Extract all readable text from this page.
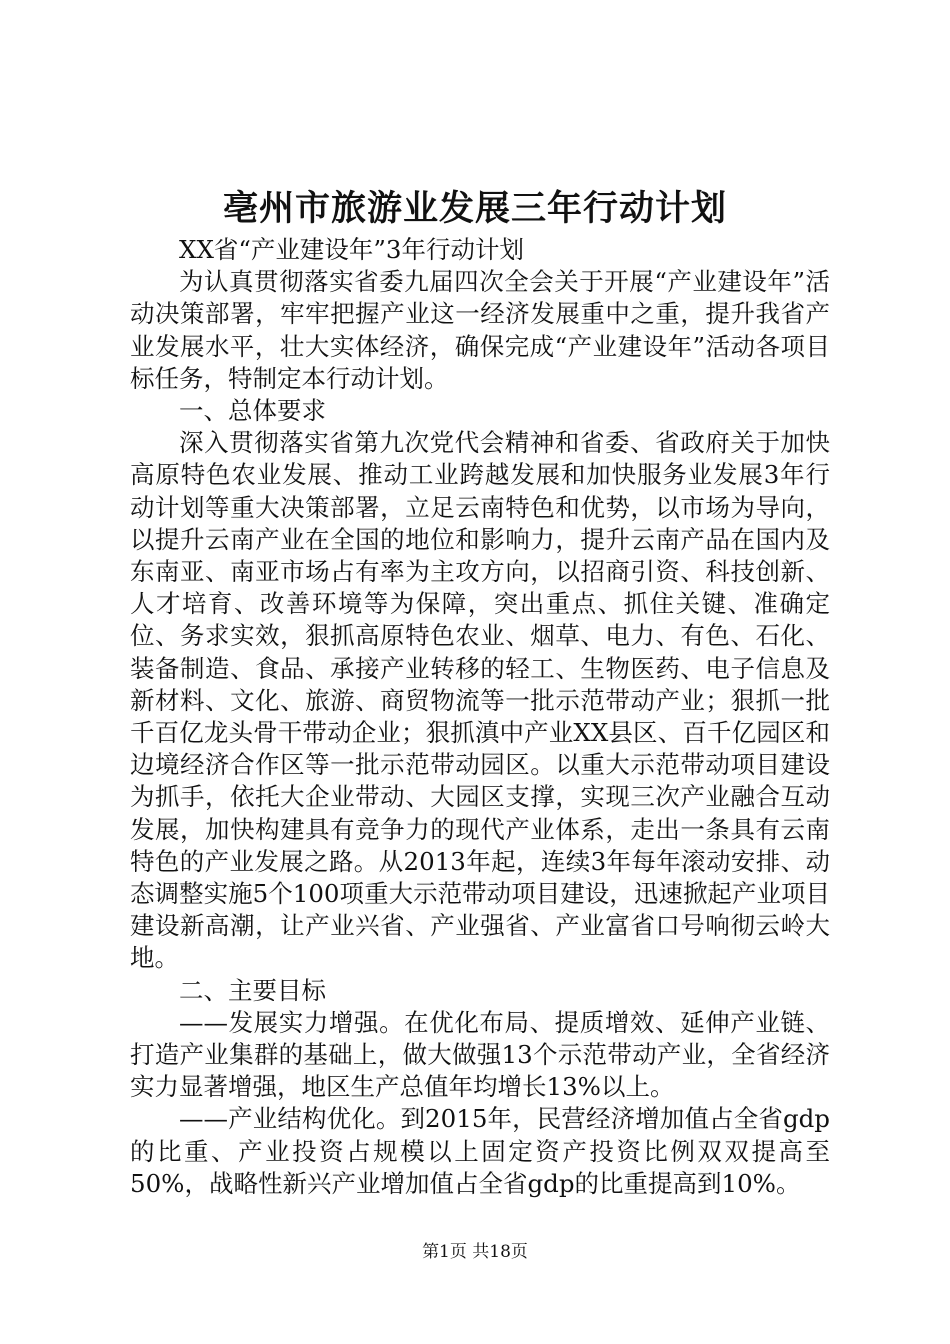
亳州市旅游业发展三年行动计划

XX省“产业建设年”3年行动计划

为认真贯彻落实省委九届四次全会关于开展“产业建设年”活动决策部署，牢牢把握产业这一经济发展重中之重，提升我省产业发展水平，壮大实体经济，确保完成“产业建设年”活动各项目标任务，特制定本行动计划。

一、总体要求

深入贯彻落实省第九次党代会精神和省委、省政府关于加快高原特色农业发展、推动工业跨越发展和加快服务业发展3年行动计划等重大决策部署，立足云南特色和优势，以市场为导向，以提升云南产业在全国的地位和影响力，提升云南产品在国内及东南亚、南亚市场占有率为主攻方向，以招商引资、科技创新、人才培育、改善环境等为保障，突出重点、抓住关键、准确定位、务求实效，狠抓高原特色农业、烟草、电力、有色、石化、装备制造、食品、承接产业转移的轻工、生物医药、电子信息及新材料、文化、旅游、商贸物流等一批示范带动产业；狠抓一批千百亿龙头骨干带动企业；狠抓滇中产业XX县区、百千亿园区和边境经济合作区等一批示范带动园区。以重大示范带动项目建设为抓手，依托大企业带动、大园区支撑，实现三次产业融合互动发展，加快构建具有竞争力的现代产业体系，走出一条具有云南特色的产业发展之路。从2013年起，连续3年每年滚动安排、动态调整实施5个100项重大示范带动项目建设，迅速掀起产业项目建设新高潮，让产业兴省、产业强省、产业富省口号响彻云岭大地。

二、主要目标

——发展实力增强。在优化布局、提质增效、延伸产业链、打造产业集群的基础上，做大做强13个示范带动产业，全省经济实力显著增强，地区生产总值年均增长13%以上。

——产业结构优化。到2015年，民营经济增加值占全省gdp的比重、产业投资占规模以上固定资产投资比例双双提高至50%，战略性新兴产业增加值占全省gdp的比重提高到10%。

第1页 共18页
